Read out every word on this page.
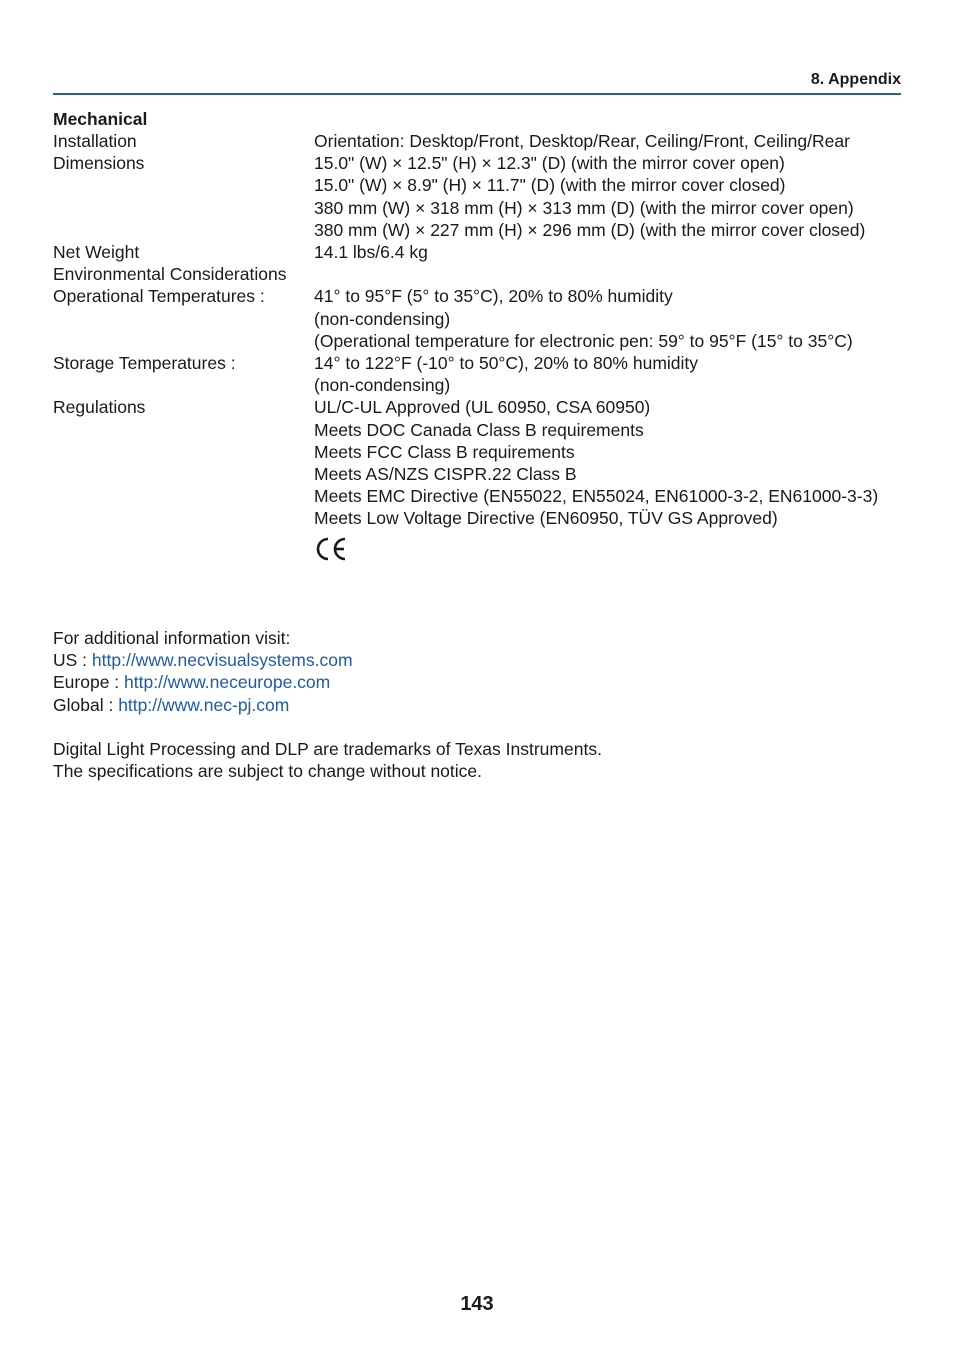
8. Appendix
Mechanical
Installation	Orientation: Desktop/Front, Desktop/Rear, Ceiling/Front, Ceiling/Rear
Dimensions	15.0" (W) × 12.5" (H) × 12.3" (D) (with the mirror cover open)
15.0" (W) × 8.9" (H) × 11.7" (D) (with the mirror cover closed)
380 mm (W) × 318 mm (H) × 313 mm (D) (with the mirror cover open)
380 mm (W) × 227 mm (H) × 296 mm (D) (with the mirror cover closed)
Net Weight	14.1 lbs/6.4 kg
Environmental Considerations

Operational Temperatures :	41° to 95°F (5° to 35°C), 20% to 80% humidity
(non-condensing)
(Operational temperature for electronic pen: 59° to 95°F (15° to 35°C)
Storage Temperatures :	14° to 122°F (-10° to 50°C), 20% to 80% humidity
(non-condensing)
Regulations	UL/C-UL Approved (UL 60950, CSA 60950)
Meets DOC Canada Class B requirements
Meets FCC Class B requirements
Meets AS/NZS CISPR.22 Class B
Meets EMC Directive (EN55022, EN55024, EN61000-3-2, EN61000-3-3)
Meets Low Voltage Directive (EN60950, TÜV GS Approved)
For additional information visit:
US : http://www.necvisualsystems.com
Europe : http://www.neceurope.com
Global : http://www.nec-pj.com
Digital Light Processing and DLP are trademarks of Texas Instruments.
The specifications are subject to change without notice.
143
